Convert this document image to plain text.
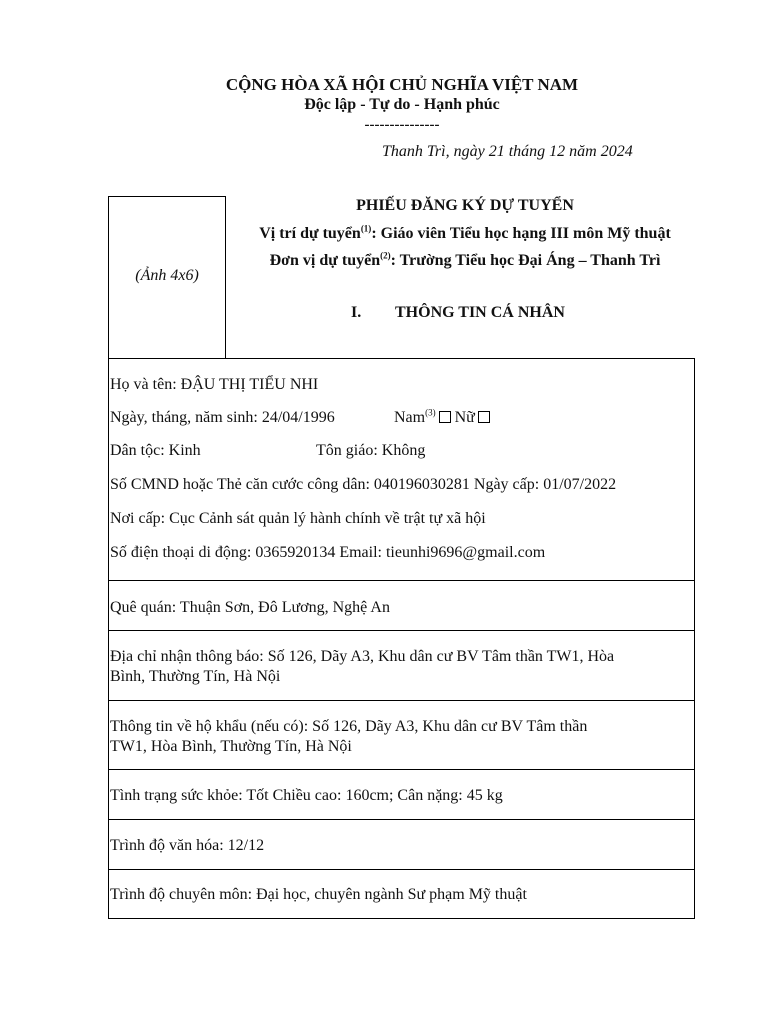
CỘNG HÒA XÃ HỘI CHỦ NGHĨA VIỆT NAM
Độc lập - Tự do - Hạnh phúc
---------------
Thanh Trì, ngày 21 tháng 12 năm 2024
(Ảnh 4x6)
PHIẾU ĐĂNG KÝ DỰ TUYỂN
Vị trí dự tuyển$^{(1)}$: Giáo viên Tiểu học hạng III môn Mỹ thuật
Đơn vị dự tuyển$^{(2)}$: Trường Tiểu học Đại Áng – Thanh Trì
I. THÔNG TIN CÁ NHÂN
Họ và tên: ĐẬU THỊ TIỂU NHI
Ngày, tháng, năm sinh: 24/04/1996	Nam$^{(3)}$ Nữ
Dân tộc: Kinh	Tôn giáo: Không
Số CMND hoặc Thẻ căn cước công dân: 040196030281 Ngày cấp: 01/07/2022
Nơi cấp: Cục Cảnh sát quản lý hành chính về trật tự xã hội
Số điện thoại di động: 0365920134 Email: tieunhi9696@gmail.com
Quê quán: Thuận Sơn, Đô Lương, Nghệ An
Địa chỉ nhận thông báo: Số 126, Dãy A3, Khu dân cư BV Tâm thần TW1, Hòa
Bình, Thường Tín, Hà Nội
Thông tin về hộ khẩu (nếu có): Số 126, Dãy A3, Khu dân cư BV Tâm thần
TW1, Hòa Bình, Thường Tín, Hà Nội
Tình trạng sức khỏe: Tốt Chiều cao: 160cm; Cân nặng: 45 kg
Trình độ văn hóa: 12/12
Trình độ chuyên môn: Đại học, chuyên ngành Sư phạm Mỹ thuật
